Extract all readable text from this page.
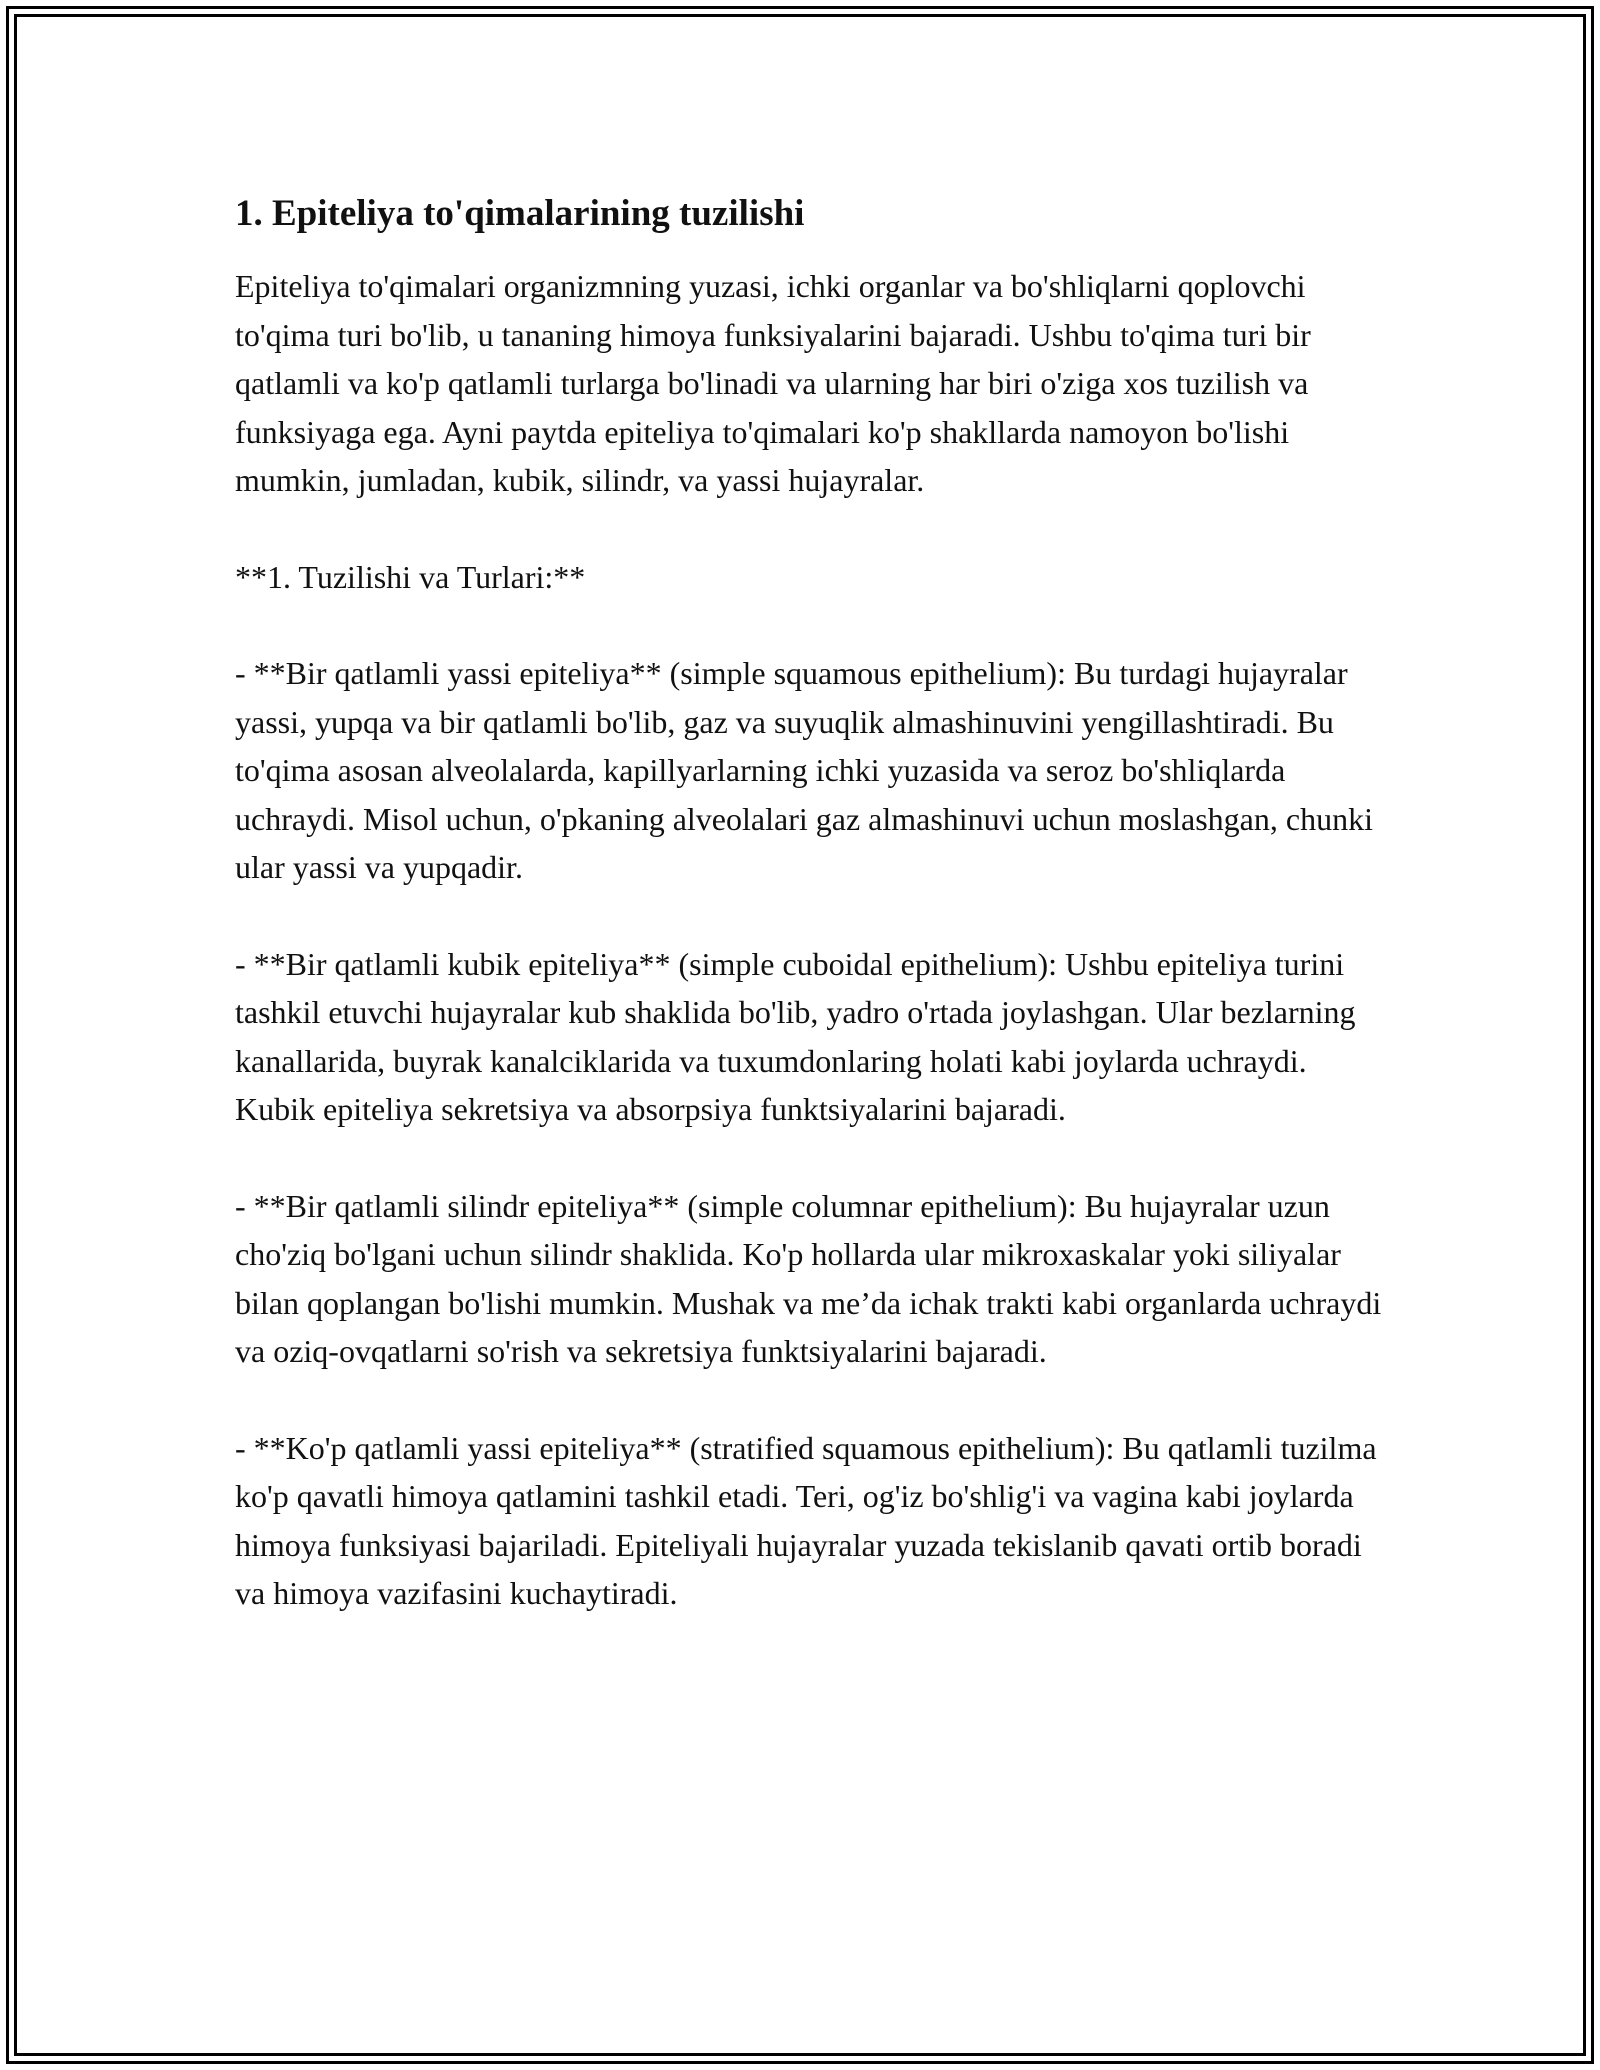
1. Epiteliya to'qimalarining tuzilishi

Epiteliya to'qimalari organizmning yuzasi, ichki organlar va bo'shliqlarni qoplovchi to'qima turi bo'lib, u tananing himoya funksiyalarini bajaradi. Ushbu to'qima turi bir qatlamli va ko'p qatlamli turlarga bo'linadi va ularning har biri o'ziga xos tuzilish va funksiyaga ega. Ayni paytda epiteliya to'qimalari ko'p shakllarda namoyon bo'lishi mumkin, jumladan, kubik, silindr, va yassi hujayralar.

**1. Tuzilishi va Turlari:**

- **Bir qatlamli yassi epiteliya** (simple squamous epithelium): Bu turdagi hujayralar yassi, yupqa va bir qatlamli bo'lib, gaz va suyuqlik almashinuvini yengillashtiradi. Bu to'qima asosan alveolalarda, kapillyarlarning ichki yuzasida va seroz bo'shliqlarda uchraydi. Misol uchun, o'pkaning alveolalari gaz almashinuvi uchun moslashgan, chunki ular yassi va yupqadir.

- **Bir qatlamli kubik epiteliya** (simple cuboidal epithelium): Ushbu epiteliya turini tashkil etuvchi hujayralar kub shaklida bo'lib, yadro o'rtada joylashgan. Ular bezlarning kanallarida, buyrak kanalciklarida va tuxumdonlaring holati kabi joylarda uchraydi. Kubik epiteliya sekretsiya va absorpsiya funktsiyalarini bajaradi.

- **Bir qatlamli silindr epiteliya** (simple columnar epithelium): Bu hujayralar uzun cho'ziq bo'lgani uchun silindr shaklida. Ko'p hollarda ular mikroxaskalar yoki siliyalar bilan qoplangan bo'lishi mumkin. Mushak va me’da ichak trakti kabi organlarda uchraydi va oziq-ovqatlarni so'rish va sekretsiya funktsiyalarini bajaradi.

- **Ko'p qatlamli yassi epiteliya** (stratified squamous epithelium): Bu qatlamli tuzilma ko'p qavatli himoya qatlamini tashkil etadi. Teri, og'iz bo'shlig'i va vagina kabi joylarda himoya funksiyasi bajariladi. Epiteliyali hujayralar yuzada tekislanib qavati ortib boradi va himoya vazifasini kuchaytiradi.
